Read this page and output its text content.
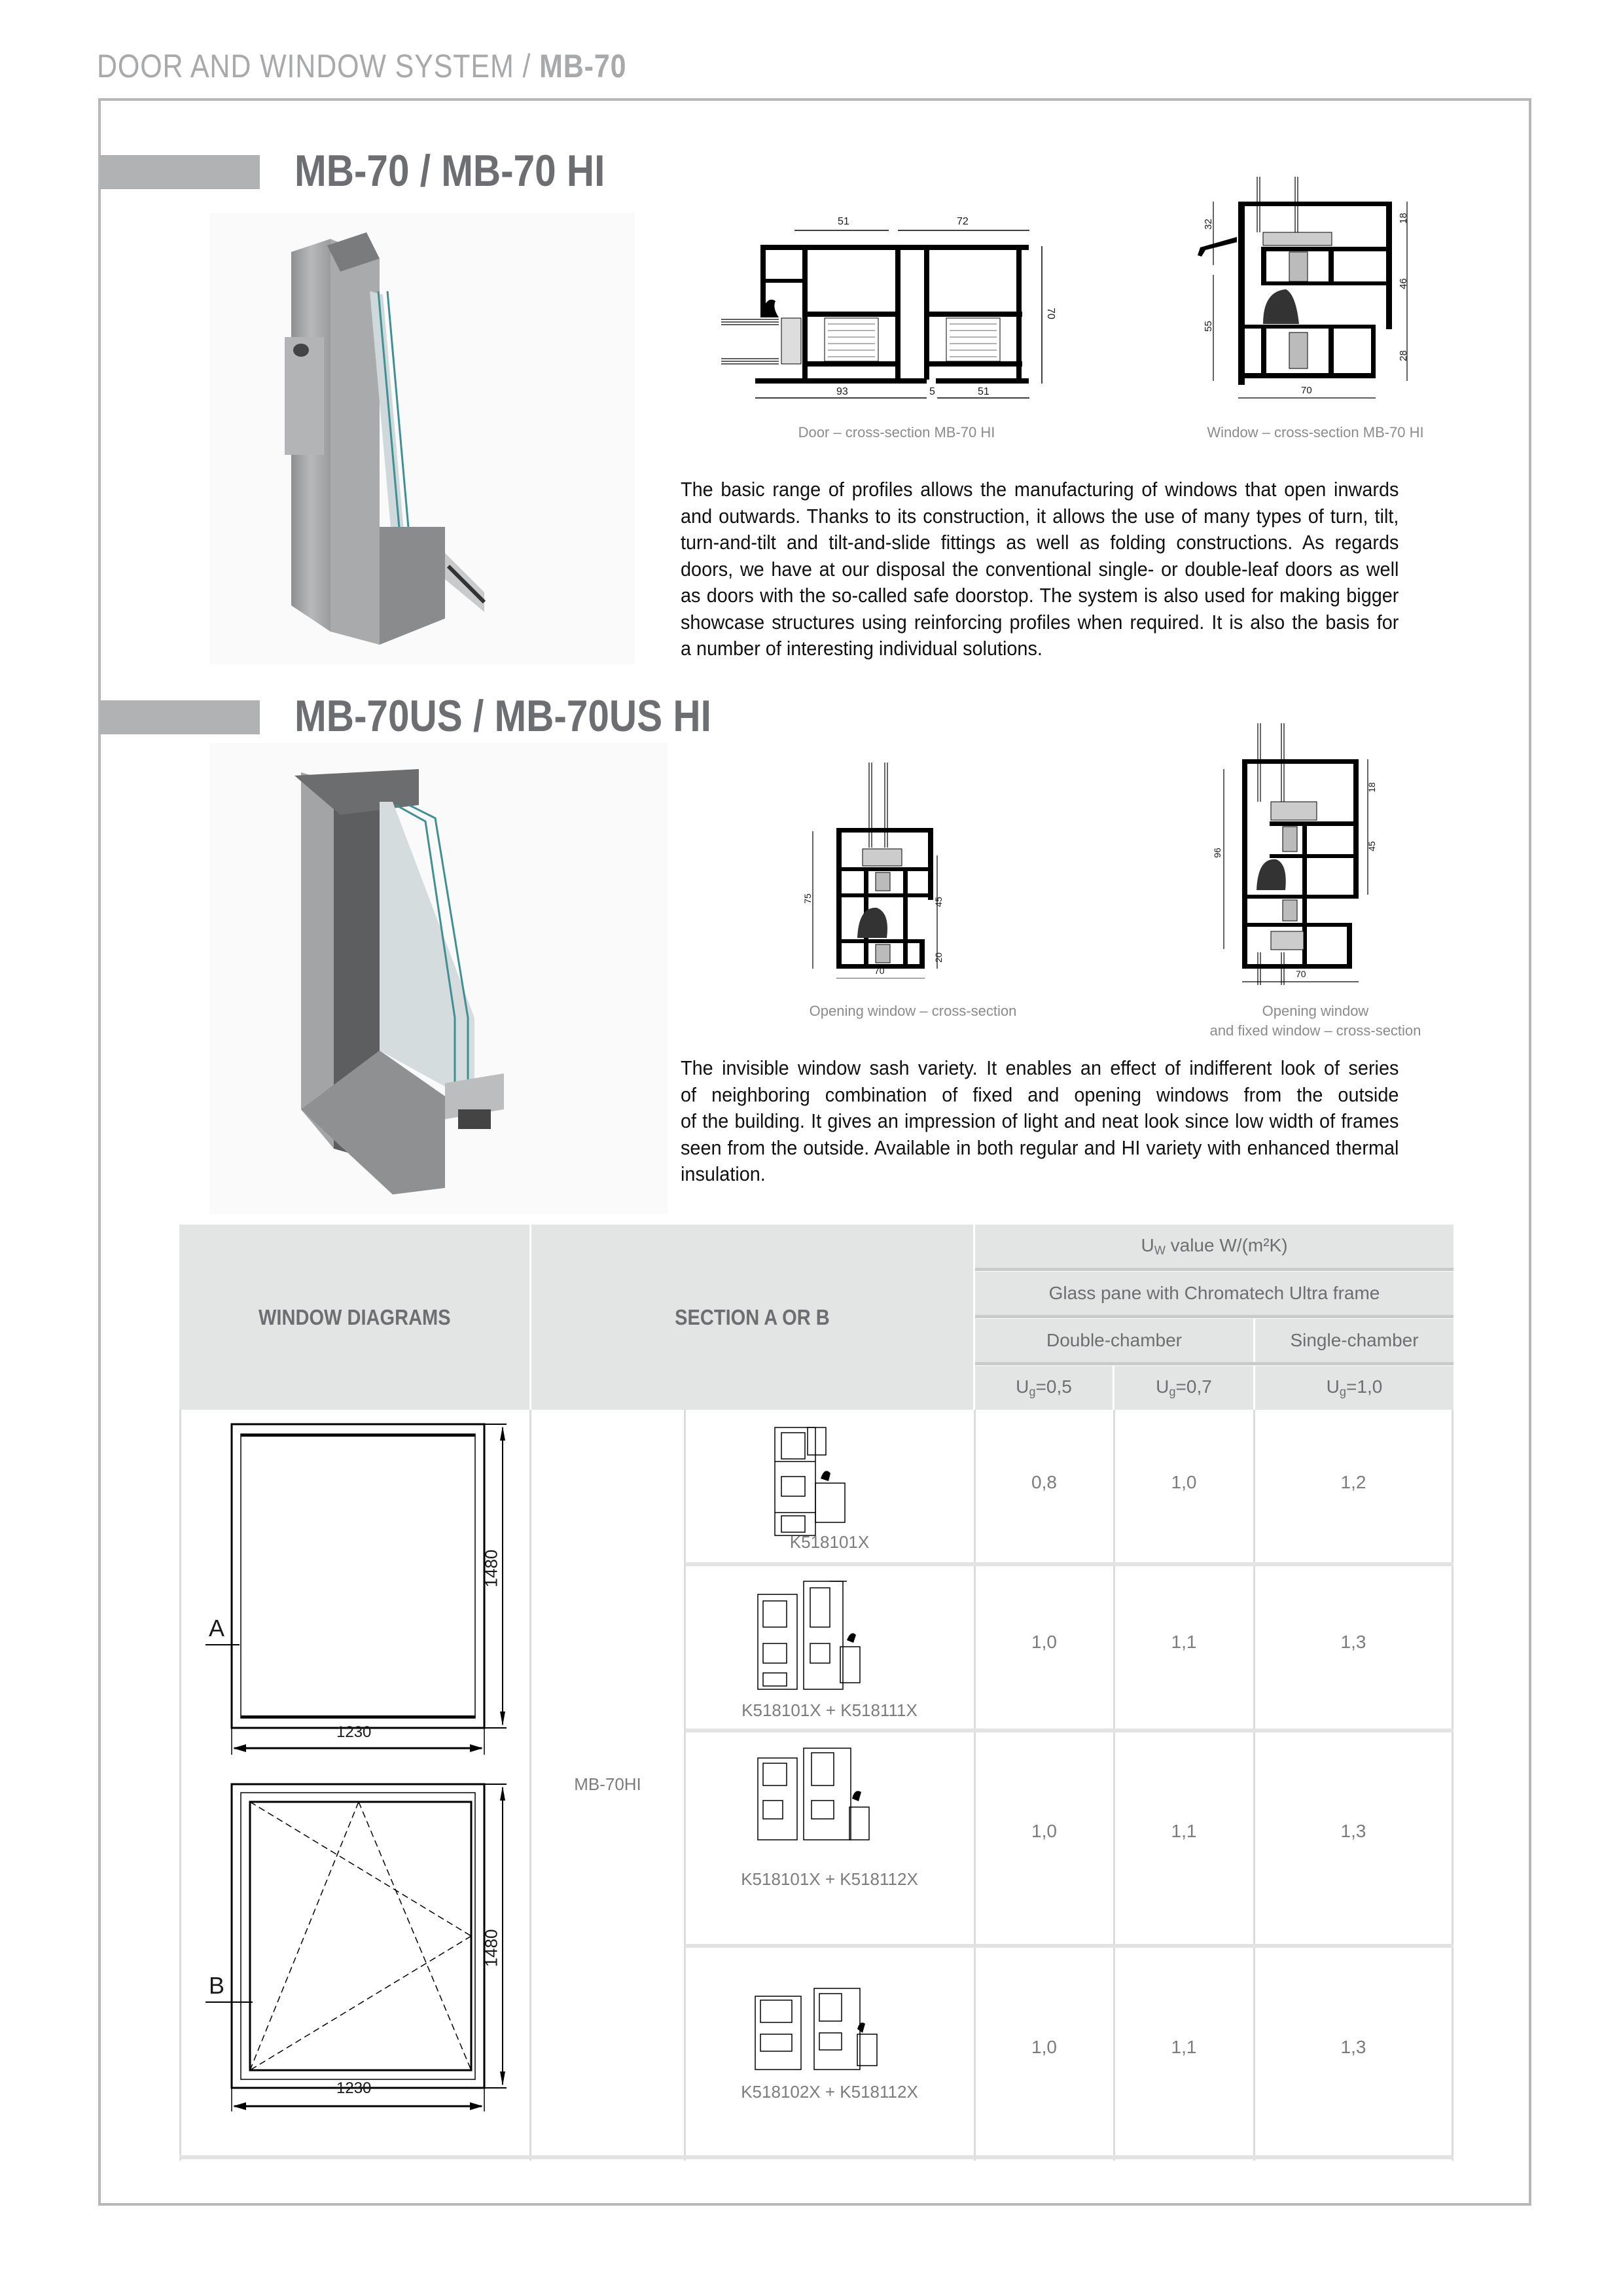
DOOR AND WINDOW SYSTEM / MB-70
MB-70 / MB-70 HI
51	72
93	5	51
70
32
55
18
46
28
70
Door – cross-section MB-70 HI	Window – cross-section MB-70 HI
The basic range of profiles allows the manufacturing of windows that open inwards
and outwards. Thanks to its construction, it allows the use of many types of turn, tilt,
turn-and-tilt and tilt-and-slide fittings as well as folding constructions. As regards
doors, we have at our disposal the conventional single- or double-leaf doors as well
as doors with the so-called safe doorstop. The system is also used for making bigger
showcase structures using reinforcing profiles when required. It is also the basis for
a number of interesting individual solutions.
MB-70US / MB-70US HI
75	45
20
70
96
18
45
70
Opening window – cross-section	Opening window
and fixed window – cross-section
The invisible window sash variety. It enables an effect of indifferent look of series
of neighboring combination of fixed and opening windows from the outside
of the building. It gives an impression of light and neat look since low width of frames
seen from the outside. Available in both regular and HI variety with enhanced thermal
insulation.
WINDOW DIAGRAMS	SECTION A OR B
$U_W$ value W/(m²K)
Glass pane with Chromatech Ultra frame
Double-chamber	Single-chamber
$U_g=0,5$	$U_g=0,7$	$U_g=1,0$
MB-70HI
A
1480
1230
B
1480
1230
K518101X
0,8	1,0	1,2
K518101X + K518111X
1,0	1,1	1,3
K518101X + K518112X
1,0	1,1	1,3
K518102X + K518112X
1,0	1,1	1,3
